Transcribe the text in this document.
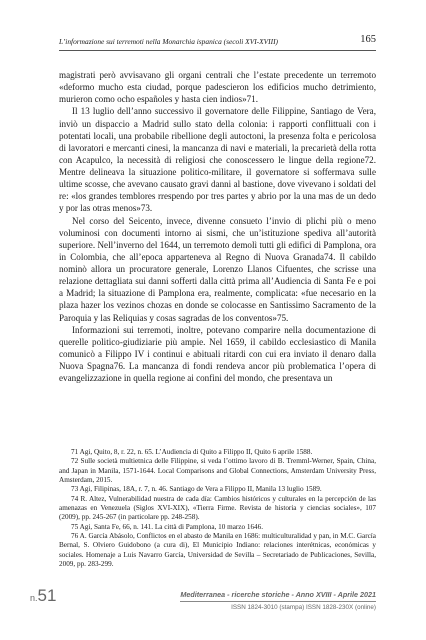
L’informazione sui terremoti nella Monarchia ispanica (secoli XVI-XVIII)	165

magistrati però avvisavano gli organi centrali che l’estate precedente un terremoto «deformo mucho esta ciudad, porque padescieron los edificios mucho detrimiento, murieron como ocho españoles y hasta cien indios»71.

Il 13 luglio dell’anno successivo il governatore delle Filippine, Santiago de Vera, inviò un dispaccio a Madrid sullo stato della colonia: i rapporti conflittuali con i potentati locali, una probabile ribellione degli autoctoni, la presenza folta e pericolosa di lavoratori e mercanti cinesi, la mancanza di navi e materiali, la precarietà della rotta con Acapulco, la necessità di religiosi che conoscessero le lingue della regione72. Mentre delineava la situazione politico-militare, il governatore si soffermava sulle ultime scosse, che avevano causato gravi danni al bastione, dove vivevano i soldati del re: «los grandes temblores rrespendo por tres partes y abrio por la una mas de un dedo y por las otras menos»73.

Nel corso del Seicento, invece, divenne consueto l’invio di plichi più o meno voluminosi con documenti intorno ai sismi, che un’istituzione spediva all’autorità superiore. Nell’inverno del 1644, un terremoto demolì tutti gli edifici di Pamplona, ora in Colombia, che all’epoca apparteneva al Regno di Nuova Granada74. Il cabildo nominò allora un procuratore generale, Lorenzo Llanos Cifuentes, che scrisse una relazione dettagliata sui danni sofferti dalla città prima all’Audiencia di Santa Fe e poi a Madrid; la situazione di Pamplona era, realmente, complicata: «fue necesario en la plaza hazer los vezinos chozas en donde se colocasse en Santissimo Sacramento de la Paroquia y las Reliquias y cosas sagradas de los conventos»75.

Informazioni sui terremoti, inoltre, potevano comparire nella documentazione di querelle politico-giudiziarie più ampie. Nel 1659, il cabildo ecclesiastico di Manila comunicò a Filippo IV i continui e abituali ritardi con cui era inviato il denaro dalla Nuova Spagna76. La mancanza di fondi rendeva ancor più problematica l’opera di evangelizzazione in quella regione ai confini del mondo, che presentava un

71 Agi, Quito, 8, r. 22, n. 65. L’Audiencia di Quito a Filippo II, Quito 6 aprile 1588.

72 Sulle società multietnica delle Filippine, si veda l’ottimo lavoro di B. Tremml-Werner, Spain, China, and Japan in Manila, 1571-1644. Local Comparisons and Global Connections, Amsterdam University Press, Amsterdam, 2015.

73 Agi, Filipinas, 18A, r. 7, n. 46. Santiago de Vera a Filippo II, Manila 13 luglio 1589.

74 R. Altez, Vulnerabilidad nuestra de cada día: Cambios históricos y culturales en la percepción de las amenazas en Venezuela (Siglos XVI-XIX), «Tierra Firme. Revista de historia y ciencias sociales», 107 (2009), pp. 245-267 (in particolare pp. 248-258).

75 Agi, Santa Fe, 66, n. 141. La città di Pamplona, 10 marzo 1646.

76 A. García Abásolo, Conflictos en el abasto de Manila en 1686: multiculturalidad y pan, in M.C. García Bernal, S. Olviero Guidobono (a cura di), El Municipio Indiano: relaciones interétnicas, económicas y sociales. Homenaje a Luis Navarro García, Universidad de Sevilla – Secretariado de Publicaciones, Sevilla, 2009, pp. 283-299.

n.51	Mediterranea - ricerche storiche - Anno XVIII - Aprile 2021
ISSN 1824-3010 (stampa) ISSN 1828-230X (online)
